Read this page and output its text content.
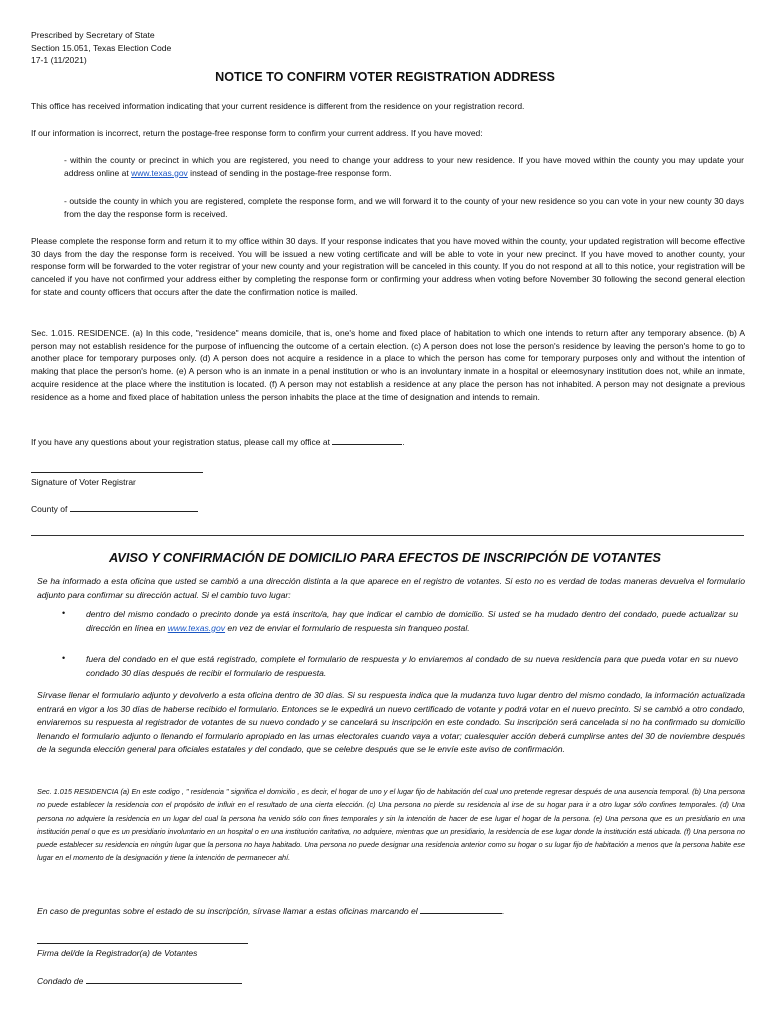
Prescribed by Secretary of State
Section 15.051, Texas Election Code
17-1 (11/2021)
NOTICE TO CONFIRM VOTER REGISTRATION ADDRESS
This office has received information indicating that your current residence is different from the residence on your registration record.
If our information is incorrect, return the postage-free response form to confirm your current address. If you have moved:
- within the county or precinct in which you are registered, you need to change your address to your new residence. If you have moved within the county you may update your address online at www.texas.gov instead of sending in the postage-free response form.
- outside the county in which you are registered, complete the response form, and we will forward it to the county of your new residence so you can vote in your new county 30 days from the day the response form is received.
Please complete the response form and return it to my office within 30 days. If your response indicates that you have moved within the county, your updated registration will become effective 30 days from the day the response form is received. You will be issued a new voting certificate and will be able to vote in your new precinct. If you have moved to another county, your response form will be forwarded to the voter registrar of your new county and your registration will be canceled in this county. If you do not respond at all to this notice, your registration will be canceled if you have not confirmed your address either by completing the response form or confirming your address when voting before November 30 following the second general election for state and county officers that occurs after the date the confirmation notice is mailed.
Sec. 1.015. RESIDENCE. (a) In this code, "residence" means domicile, that is, one's home and fixed place of habitation to which one intends to return after any temporary absence. (b) A person may not establish residence for the purpose of influencing the outcome of a certain election. (c) A person does not lose the person's residence by leaving the person's home to go to another place for temporary purposes only. (d) A person does not acquire a residence in a place to which the person has come for temporary purposes only and without the intention of making that place the person's home. (e) A person who is an inmate in a penal institution or who is an involuntary inmate in a hospital or eleemosynary institution does not, while an inmate, acquire residence at the place where the institution is located. (f) A person may not establish a residence at any place the person has not inhabited. A person may not designate a previous residence as a home and fixed place of habitation unless the person inhabits the place at the time of designation and intends to remain.
If you have any questions about your registration status, please call my office at	.
Signature of Voter Registrar
County of
AVISO Y CONFIRMACIÓN DE DOMICILIO PARA EFECTOS DE INSCRIPCIÓN DE VOTANTES
Se ha informado a esta oficina que usted se cambió a una dirección distinta a la que aparece en el registro de votantes. Si esto no es verdad de todas maneras devuelva el formulario adjunto para confirmar su dirección actual. Si el cambio tuvo lugar:
• dentro del mismo condado o precinto donde ya está inscrito/a, hay que indicar el cambio de domicilio. Si usted se ha mudado dentro del condado, puede actualizar su dirección en línea en www.texas.gov en vez de enviar el formulario de respuesta sin franqueo postal.
• fuera del condado en el que está registrado, complete el formulario de respuesta y lo enviaremos al condado de su nueva residencia para que pueda votar en su nuevo condado 30 días después de recibir el formulario de respuesta.
Sírvase llenar el formulario adjunto y devolverlo a esta oficina dentro de 30 días. Si su respuesta indica que la mudanza tuvo lugar dentro del mismo condado, la información actualizada entrará en vigor a los 30 días de haberse recibido el formulario. Entonces se le expedirá un nuevo certificado de votante y podrá votar en el nuevo precinto. Si se cambió a otro condado, enviaremos su respuesta al registrador de votantes de su nuevo condado y se cancelará su inscripción en este condado. Su inscripción será cancelada si no ha confirmado su domicilio llenando el formulario adjunto o llenando el formulario apropiado en las urnas electorales cuando vaya a votar; cualesquier acción deberá cumplirse antes del 30 de noviembre después de la segunda elección general para oficiales estatales y del condado, que se celebre después que se le envíe este aviso de confirmación.
Sec. 1.015 RESIDENCIA (a) En este codigo , " residencia " significa el domicilio , es decir, el hogar de uno y el lugar fijo de habitación del cual uno pretende regresar después de una ausencia temporal. (b) Una persona no puede establecer la residencia con el propósito de influir en el resultado de una cierta elección. (c) Una persona no pierde su residencia al irse de su hogar para ir a otro lugar sólo confines temporales. (d) Una persona no adquiere la residencia en un lugar del cual la persona ha venido sólo con fines temporales y sin la intención de hacer de ese lugar el hogar de la persona. (e) Una persona que es un presidiario en una institución penal o que es un presidiario involuntario en un hospital o en una institución caritativa, no adquiere, mientras que un presidiario, la residencia de ese lugar donde la institución está ubicada. (f) Una persona no puede establecer su residencia en ningún lugar que la persona no haya habitado. Una persona no puede designar una residencia anterior como su hogar o su lugar fijo de habitación a menos que la persona habite ese lugar en el momento de la designación y tiene la intención de permanecer ahí.
En caso de preguntas sobre el estado de su inscripción, sírvase llamar a estas oficinas marcando el	.
Firma del/de la Registrador(a) de Votantes
Condado de
